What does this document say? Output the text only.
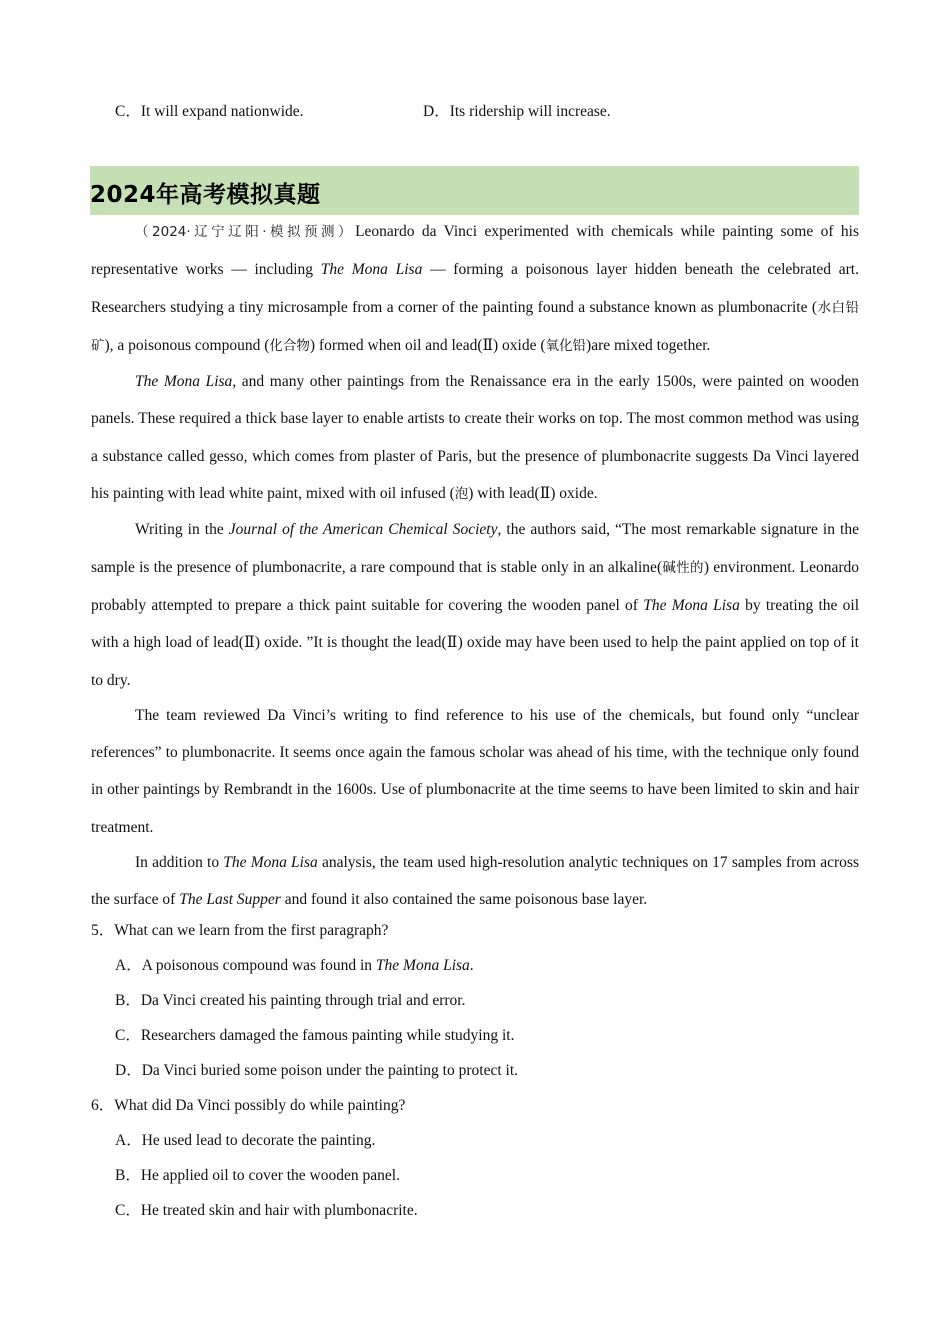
C．It will expand nationwide.	D．Its ridership will increase.
2024年高考模拟真题

（2024·辽宁辽阳·模拟预测）Leonardo da Vinci experimented with chemicals while painting some of his representative works — including The Mona Lisa — forming a poisonous layer hidden beneath the celebrated art. Researchers studying a tiny microsample from a corner of the painting found a substance known as plumbonacrite (水白铅矿), a poisonous compound (化合物) formed when oil and lead(Ⅱ) oxide (氧化铅)are mixed together.

The Mona Lisa, and many other paintings from the Renaissance era in the early 1500s, were painted on wooden panels. These required a thick base layer to enable artists to create their works on top. The most common method was using a substance called gesso, which comes from plaster of Paris, but the presence of plumbonacrite suggests Da Vinci layered his painting with lead white paint, mixed with oil infused (泡) with lead(Ⅱ) oxide.

Writing in the Journal of the American Chemical Society, the authors said, “The most remarkable signature in the sample is the presence of plumbonacrite, a rare compound that is stable only in an alkaline(碱性的) environment. Leonardo probably attempted to prepare a thick paint suitable for covering the wooden panel of The Mona Lisa by treating the oil with a high load of lead(Ⅱ) oxide. ”It is thought the lead(Ⅱ) oxide may have been used to help the paint applied on top of it to dry.

The team reviewed Da Vinci’s writing to find reference to his use of the chemicals, but found only “unclear references” to plumbonacrite. It seems once again the famous scholar was ahead of his time, with the technique only found in other paintings by Rembrandt in the 1600s. Use of plumbonacrite at the time seems to have been limited to skin and hair treatment.

In addition to The Mona Lisa analysis, the team used high-resolution analytic techniques on 17 samples from across the surface of The Last Supper and found it also contained the same poisonous base layer.

5．What can we learn from the first paragraph?
A．A poisonous compound was found in The Mona Lisa.
B．Da Vinci created his painting through trial and error.
C．Researchers damaged the famous painting while studying it.
D．Da Vinci buried some poison under the painting to protect it.
6．What did Da Vinci possibly do while painting?
A．He used lead to decorate the painting.
B．He applied oil to cover the wooden panel.
C．He treated skin and hair with plumbonacrite.
